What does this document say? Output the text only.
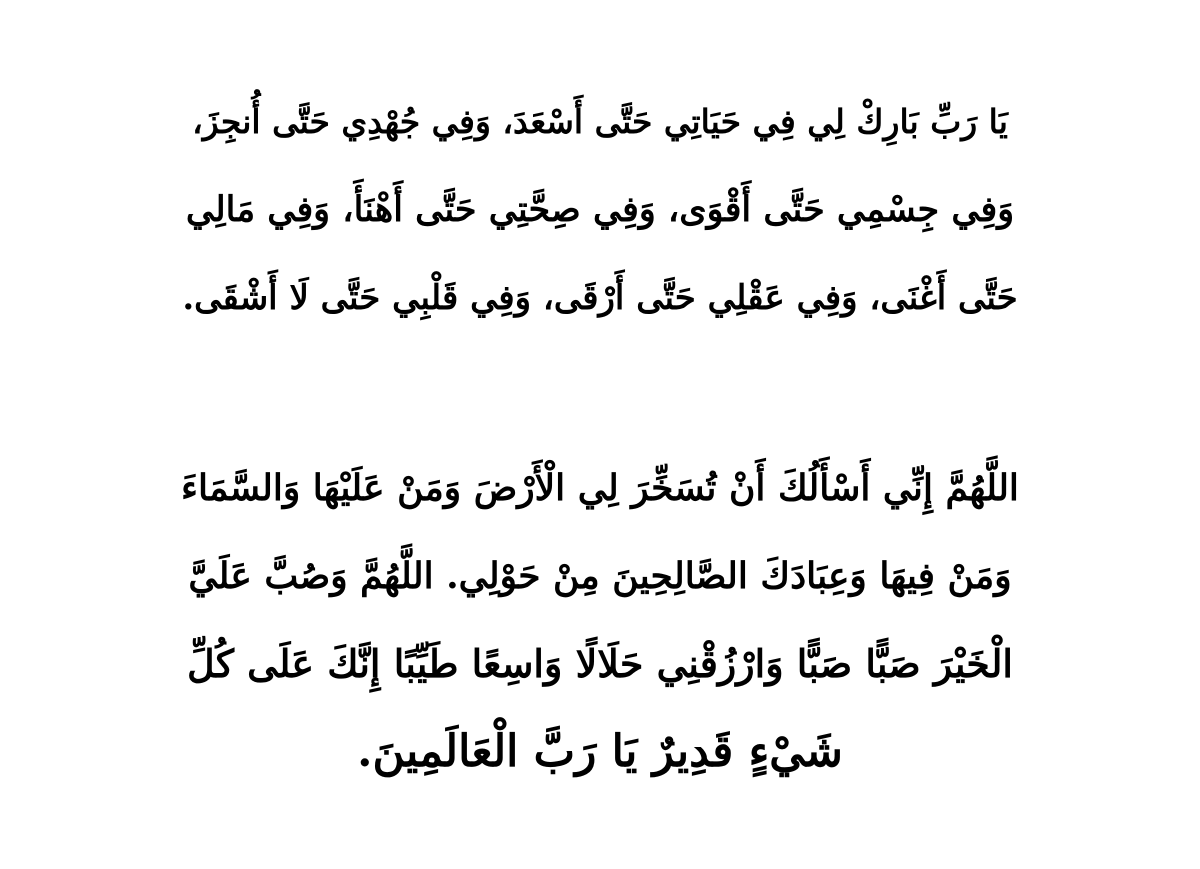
يَا رَبِّ بَارِكْ لِي فِي حَيَاتِي حَتَّى أَسْعَدَ، وَفِي جُهْدِي حَتَّى أُنجِزَ،
وَفِي جِسْمِي حَتَّى أَقْوَى، وَفِي صِحَّتِي حَتَّى أَهْنَأَ، وَفِي مَالِي
حَتَّى أَغْنَى، وَفِي عَقْلِي حَتَّى أَرْقَى، وَفِي قَلْبِي حَتَّى لَا أَشْقَى.
اللَّهُمَّ إِنِّي أَسْأَلُكَ أَنْ تُسَخِّرَ لِي الْأَرْضَ وَمَنْ عَلَيْهَا وَالسَّمَاءَ
وَمَنْ فِيهَا وَعِبَادَكَ الصَّالِحِينَ مِنْ حَوْلِي. اللَّهُمَّ وَصُبَّ عَلَيَّ
الْخَيْرَ صَبًّا صَبًّا وَارْزُقْنِي حَلَالًا وَاسِعًا طَيِّبًا إِنَّكَ عَلَى كُلِّ
شَيْءٍ قَدِيرٌ يَا رَبَّ الْعَالَمِينَ.
